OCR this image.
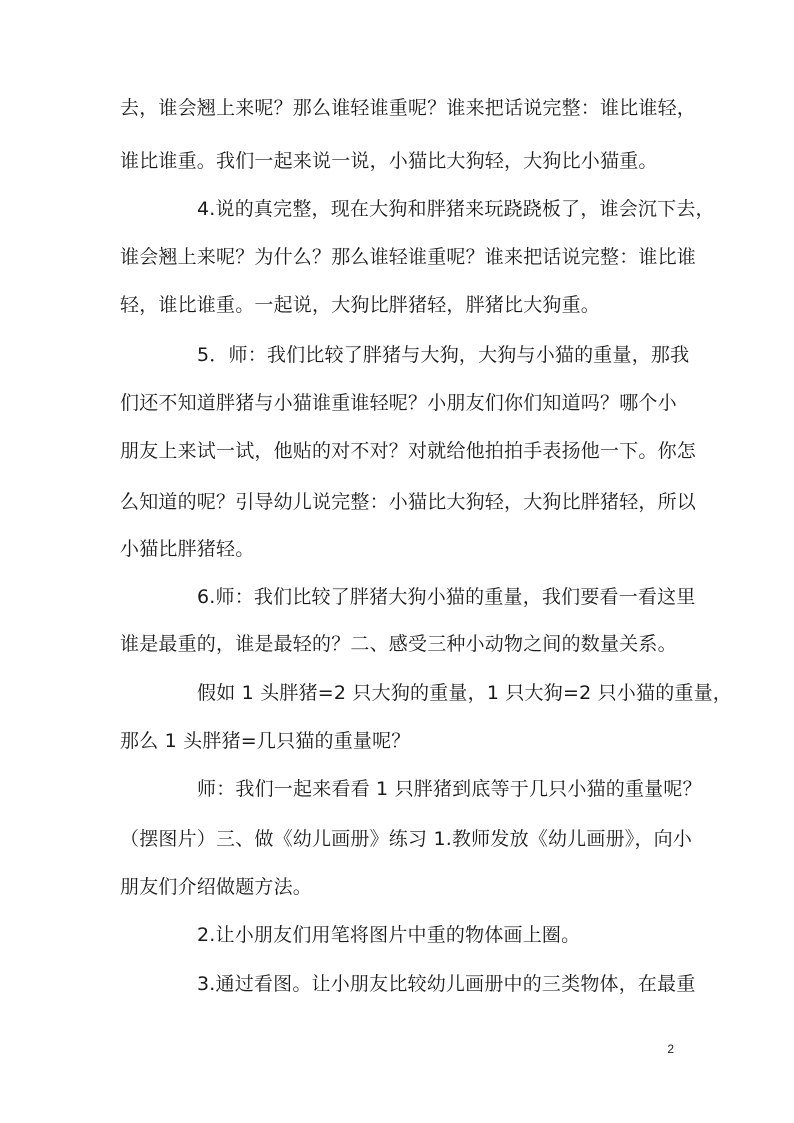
去，谁会翘上来呢？那么谁轻谁重呢？谁来把话说完整：谁比谁轻，
谁比谁重。我们一起来说一说，小猫比大狗轻，大狗比小猫重。
4.说的真完整，现在大狗和胖猪来玩跷跷板了，谁会沉下去，
谁会翘上来呢？为什么？那么谁轻谁重呢？谁来把话说完整：谁比谁
轻，谁比谁重。一起说，大狗比胖猪轻，胖猪比大狗重。
5．师：我们比较了胖猪与大狗，大狗与小猫的重量，那我
们还不知道胖猪与小猫谁重谁轻呢？小朋友们你们知道吗？哪个小
朋友上来试一试，他贴的对不对？对就给他拍拍手表扬他一下。你怎
么知道的呢？引导幼儿说完整：小猫比大狗轻，大狗比胖猪轻，所以
小猫比胖猪轻。
6.师：我们比较了胖猪大狗小猫的重量，我们要看一看这里
谁是最重的，谁是最轻的？二、感受三种小动物之间的数量关系。
假如 1 头胖猪=2 只大狗的重量，1 只大狗=2 只小猫的重量，
那么 1 头胖猪=几只猫的重量呢？
师：我们一起来看看 1 只胖猪到底等于几只小猫的重量呢？
（摆图片）三、做《幼儿画册》练习 1.教师发放《幼儿画册》，向小
朋友们介绍做题方法。
2.让小朋友们用笔将图片中重的物体画上圈。
3.通过看图。让小朋友比较幼儿画册中的三类物体，在最重
2
